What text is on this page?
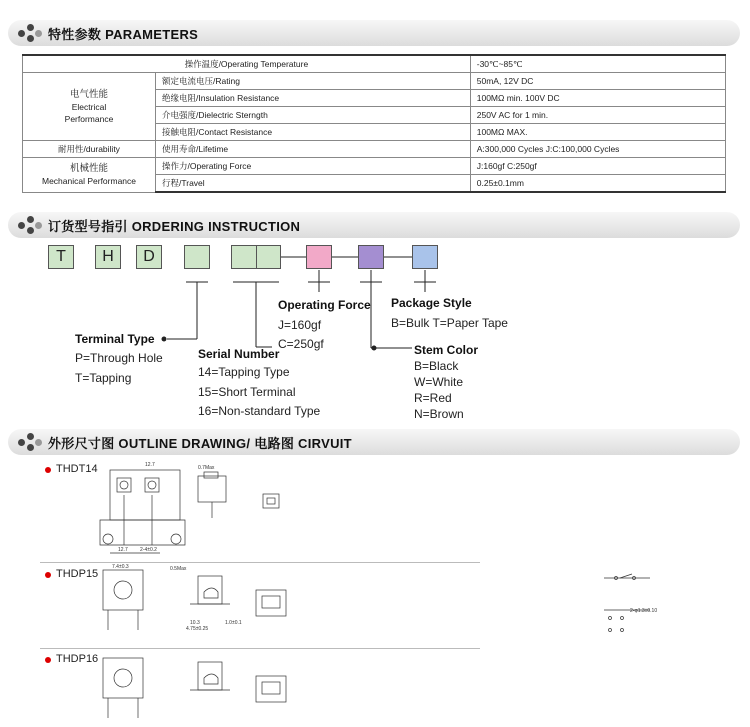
特性参数 PARAMETERS
操作温度/Operating Temperature		-30℃~85℃

电气性能
Electrical
Performance	额定电流电压/Rating	50mA, 12V DC
	绝缘电阻/Insulation Resistance	100MΩ min. 100V DC
	介电强度/Dielectric Sterngth	250V AC for 1 min.
	接触电阻/Contact Resistance	100MΩ MAX.
耐用性/durability	使用寿命/Lifetime	A:300,000 Cycles J:C:100,000 Cycles

机械性能
Mechanical Performance	操作力/Operating Force	J:160gf C:250gf
	行程/Travel	0.25±0.1mm
订货型号指引 ORDERING INSTRUCTION
T	H	D
Terminal Type
P=Through Hole
T=Tapping
Serial Number
14=Tapping Type
15=Short Terminal
16=Non-standard Type
Operating Force
J=160gf
C=250gf
Package Style
B=Bulk T=Paper Tape
Stem Color
B=Black
W=White
R=Red
N=Brown
外形尺寸图 OUTLINE DRAWING/ 电路图 CIRVUIT
THDT14
THDP15
THDP16
12.7	0.7Max
7.4±0.3	0.5Max
12.7 2-4±0.2
4.75±0.25
10.3	1.0±0.1
2-φ1.3±0.10
